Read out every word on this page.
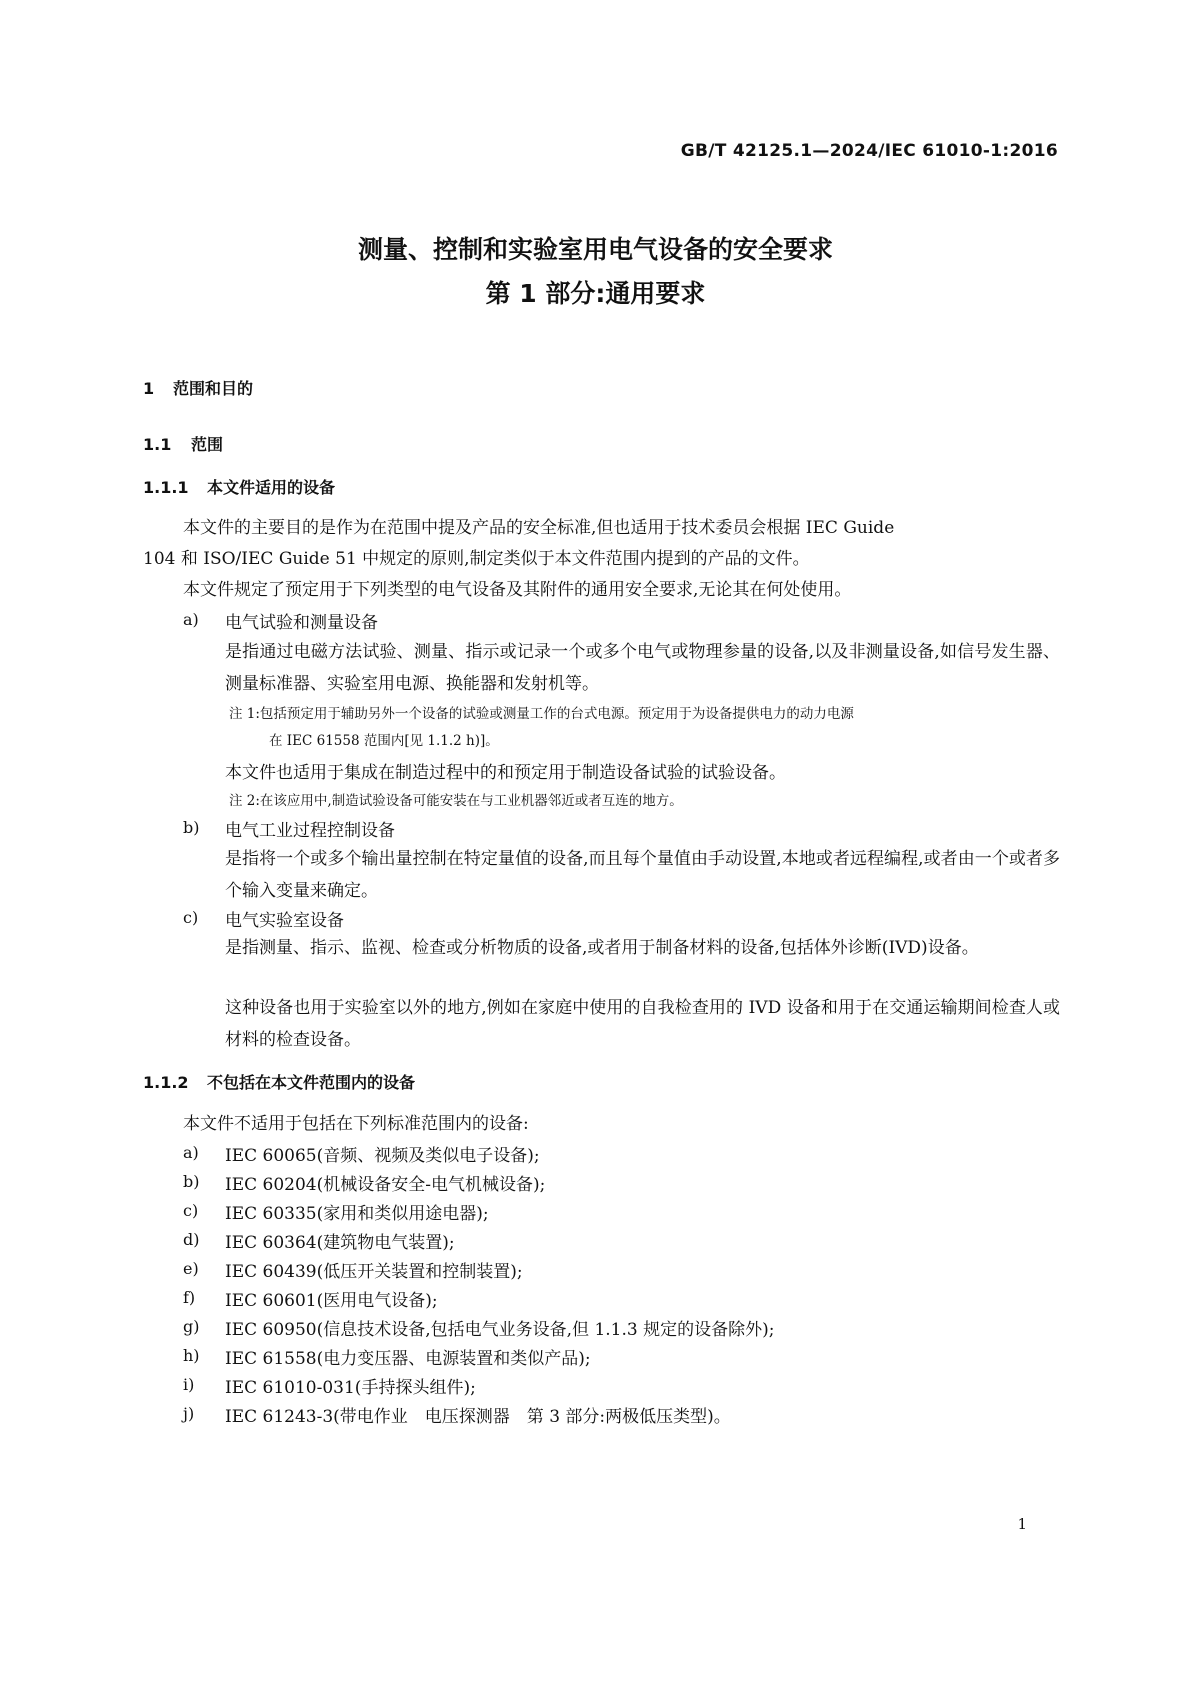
GB/T 42125.1—2024/IEC 61010-1:2016
测量、控制和实验室用电气设备的安全要求
第 1 部分:通用要求
1 范围和目的
1.1 范围
1.1.1 本文件适用的设备
本文件的主要目的是作为在范围中提及产品的安全标准,但也适用于技术委员会根据 IEC Guide
104 和 ISO/IEC Guide 51 中规定的原则,制定类似于本文件范围内提到的产品的文件。
本文件规定了预定用于下列类型的电气设备及其附件的通用安全要求,无论其在何处使用。
a) 电气试验和测量设备
是指通过电磁方法试验、测量、指示或记录一个或多个电气或物理参量的设备,以及非测量设备,如信号发生器、测量标准器、实验室用电源、换能器和发射机等。
注 1:包括预定用于辅助另外一个设备的试验或测量工作的台式电源。预定用于为设备提供电力的动力电源
在 IEC 61558 范围内[见 1.1.2 h)]。
本文件也适用于集成在制造过程中的和预定用于制造设备试验的试验设备。
注 2:在该应用中,制造试验设备可能安装在与工业机器邻近或者互连的地方。
b) 电气工业过程控制设备
是指将一个或多个输出量控制在特定量值的设备,而且每个量值由手动设置,本地或者远程编程,或者由一个或者多个输入变量来确定。
c) 电气实验室设备
是指测量、指示、监视、检查或分析物质的设备,或者用于制备材料的设备,包括体外诊断(IVD)设备。
这种设备也用于实验室以外的地方,例如在家庭中使用的自我检查用的 IVD 设备和用于在交通运输期间检查人或材料的检查设备。
1.1.2 不包括在本文件范围内的设备
本文件不适用于包括在下列标准范围内的设备:
a) IEC 60065(音频、视频及类似电子设备);
b) IEC 60204(机械设备安全-电气机械设备);
c) IEC 60335(家用和类似用途电器);
d) IEC 60364(建筑物电气装置);
e) IEC 60439(低压开关装置和控制装置);
f) IEC 60601(医用电气设备);
g) IEC 60950(信息技术设备,包括电气业务设备,但 1.1.3 规定的设备除外);
h) IEC 61558(电力变压器、电源装置和类似产品);
i) IEC 61010-031(手持探头组件);
j) IEC 61243-3(带电作业　电压探测器　第 3 部分:两极低压类型)。
1
